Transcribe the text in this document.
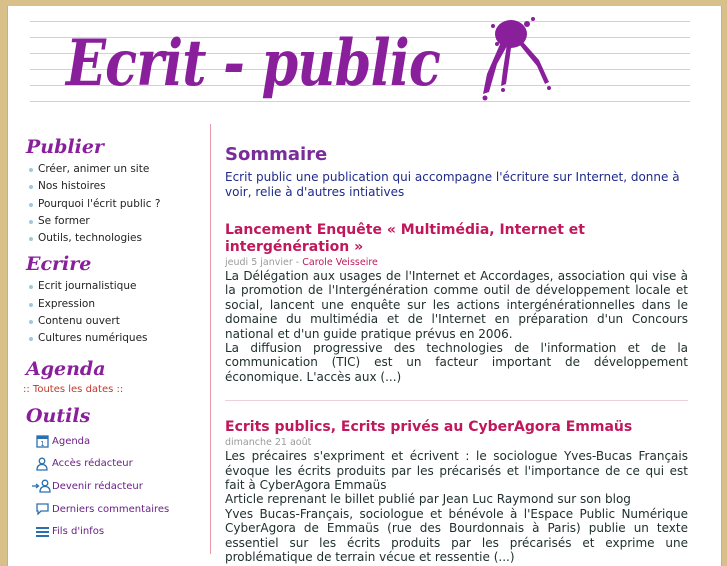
Ecrit - public
Publier
Créer, animer un site
Nos histoires
Pourquoi l'écrit public ?
Se former
Outils, technologies
Ecrire
Ecrit journalistique
Expression
Contenu ouvert
Cultures numériques
Agenda
:: Toutes les dates ::
Outils
1 Agenda
Accès rédacteur
Devenir rédacteur
Derniers commentaires
Fils d'infos
Sommaire

Ecrit public une publication qui accompagne l'écriture sur Internet, donne à voir, relie à d'autres intiatives

Lancement Enquête « Multimédia, Internet et intergénération »
jeudi 5 janvier - Carole Veisseire

La Délégation aux usages de l'Internet et Accordages, association qui vise à la promotion de l'Intergénération comme outil de développement locale et social, lancent une enquête sur les actions intergénérationnelles dans le domaine du multimédia et de l'Internet en préparation d'un Concours national et d'un guide pratique prévus en 2006.

La diffusion progressive des technologies de l'information et de la communication (TIC) est un facteur important de développement économique. L'accès aux (...)

Ecrits publics, Ecrits privés au CyberAgora Emmaüs
dimanche 21 août

Les précaires s'expriment et écrivent : le sociologue Yves-Bucas Français évoque les écrits produits par les précarisés et l'importance de ce qui est fait à CyberAgora Emmaüs

Article reprenant le billet publié par Jean Luc Raymond sur son blog

Yves Bucas-Français, sociologue et bénévole à l'Espace Public Numérique CyberAgora de Emmaüs (rue des Bourdonnais à Paris) publie un texte essentiel sur les écrits produits par les précarisés et exprime une problématique de terrain vécue et ressentie (...)
